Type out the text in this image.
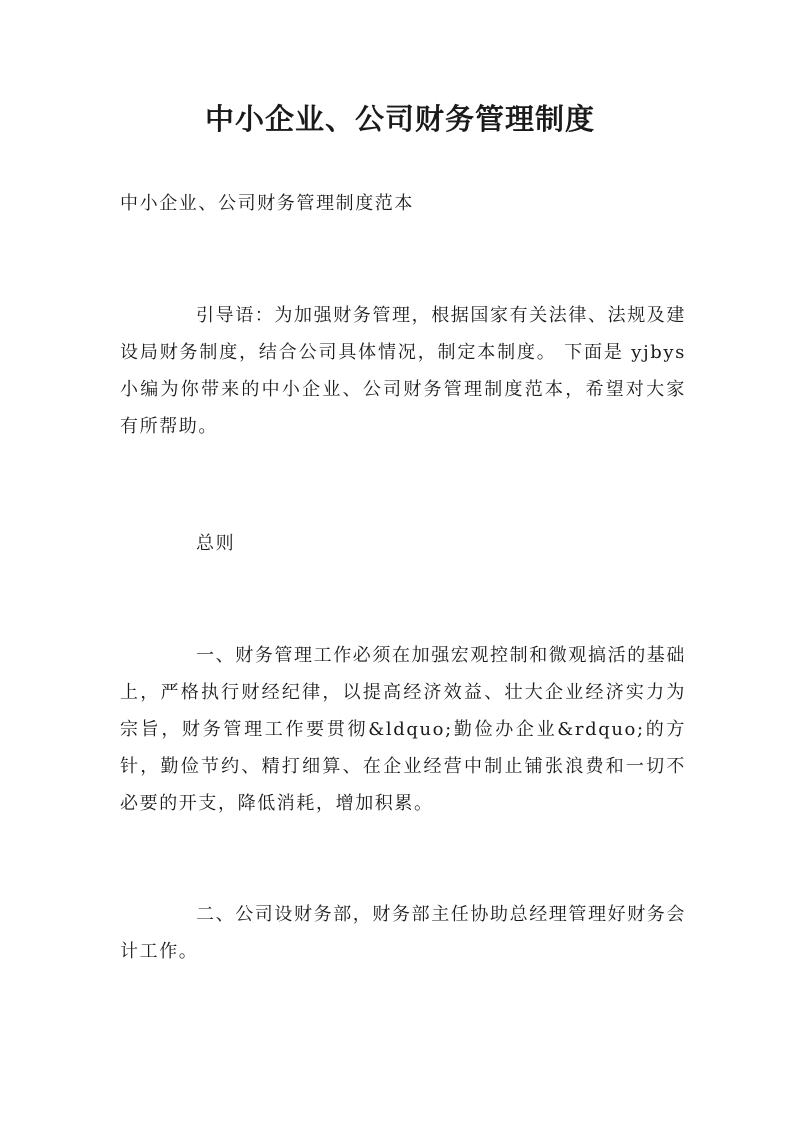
中小企业、公司财务管理制度

中小企业、公司财务管理制度范本

引导语：为加强财务管理，根据国家有关法律、法规及建设局财务制度，结合公司具体情况，制定本制度。 下面是 yjbys 小编为你带来的中小企业、公司财务管理制度范本，希望对大家有所帮助。

总则

一、财务管理工作必须在加强宏观控制和微观搞活的基础上，严格执行财经纪律，以提高经济效益、壮大企业经济实力为宗旨，财务管理工作要贯彻&ldquo;勤俭办企业&rdquo;的方针，勤俭节约、精打细算、在企业经营中制止铺张浪费和一切不必要的开支，降低消耗，增加积累。

二、公司设财务部，财务部主任协助总经理管理好财务会计工作。
